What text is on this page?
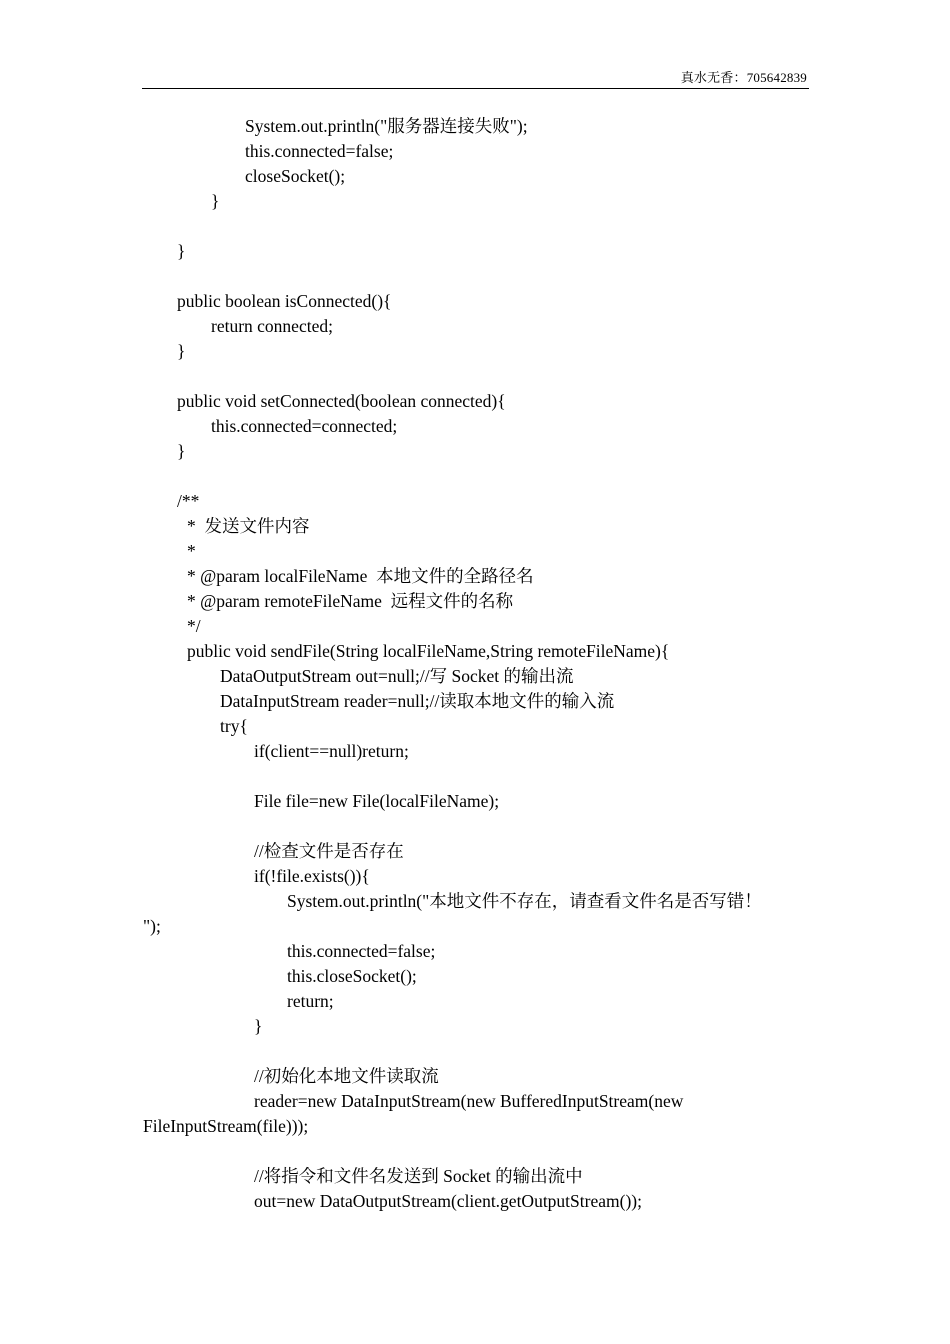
真水无香：705642839
System.out.println("服务器连接失败");
this.connected=false;
closeSocket();
}
}
public boolean isConnected(){
return connected;
}
public void setConnected(boolean connected){
this.connected=connected;
}
/**
*  发送文件内容
*
* @param localFileName  本地文件的全路径名
* @param remoteFileName  远程文件的名称
*/
public void sendFile(String localFileName,String remoteFileName){
DataOutputStream out=null;//写 Socket 的输出流
DataInputStream reader=null;//读取本地文件的输入流
try{
if(client==null)return;
File file=new File(localFileName);
//检查文件是否存在
if(!file.exists()){
System.out.println("本地文件不存在，请查看文件名是否写错！
");
this.connected=false;
this.closeSocket();
return;
}
//初始化本地文件读取流
reader=new DataInputStream(new BufferedInputStream(new
FileInputStream(file)));
//将指令和文件名发送到 Socket 的输出流中
out=new DataOutputStream(client.getOutputStream());
